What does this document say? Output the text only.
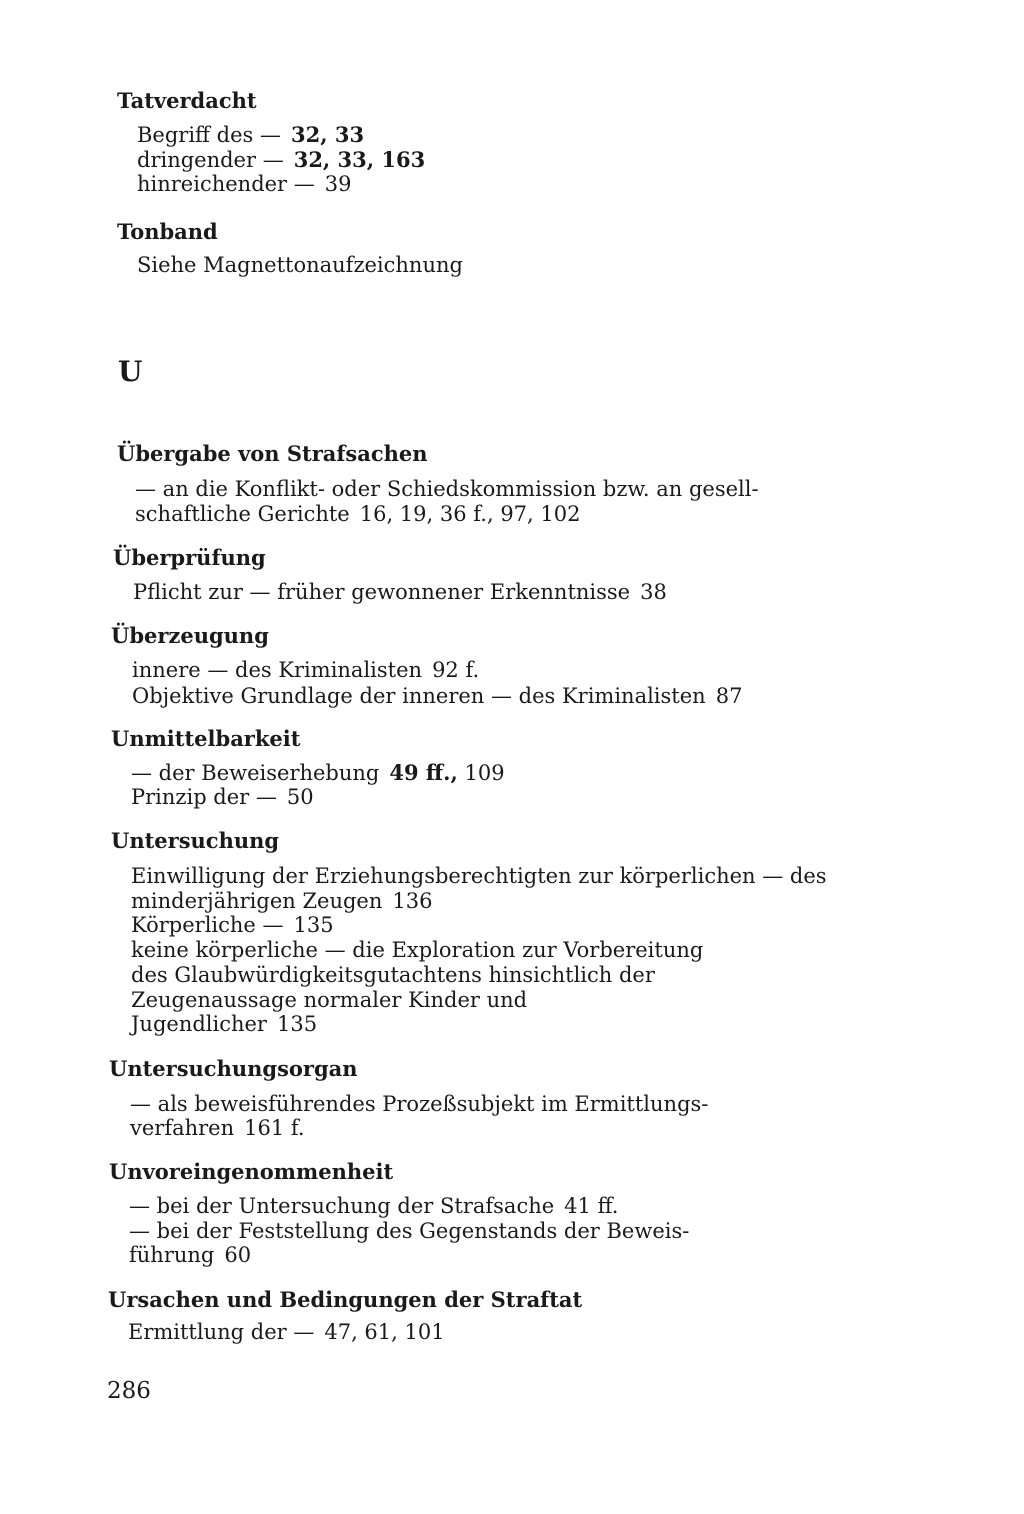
Tatverdacht
Begriff des — 32, 33
dringender — 32, 33, 163
hinreichender — 39
Tonband
Siehe Magnettonaufzeichnung
U
Übergabe von Strafsachen
— an die Konflikt- oder Schiedskommission bzw. an gesell-
schaftliche Gerichte 16, 19, 36 f., 97, 102
Überprüfung
Pflicht zur — früher gewonnener Erkenntnisse 38
Überzeugung
innere — des Kriminalisten 92 f.
Objektive Grundlage der inneren — des Kriminalisten 87
Unmittelbarkeit
— der Beweiserhebung 49 ff., 109
Prinzip der — 50
Untersuchung
Einwilligung der Erziehungsberechtigten zur körperlichen — des
minderjährigen Zeugen 136
Körperliche — 135
keine körperliche — die Exploration zur Vorbereitung
des Glaubwürdigkeitsgutachtens hinsichtlich der
Zeugenaussage normaler Kinder und
Jugendlicher 135
Untersuchungsorgan
— als beweisführendes Prozeßsubjekt im Ermittlungs-
verfahren 161 f.
Unvoreingenommenheit
— bei der Untersuchung der Strafsache 41 ff.
— bei der Feststellung des Gegenstands der Beweis-
führung 60
Ursachen und Bedingungen der Straftat
Ermittlung der — 47, 61, 101
286
